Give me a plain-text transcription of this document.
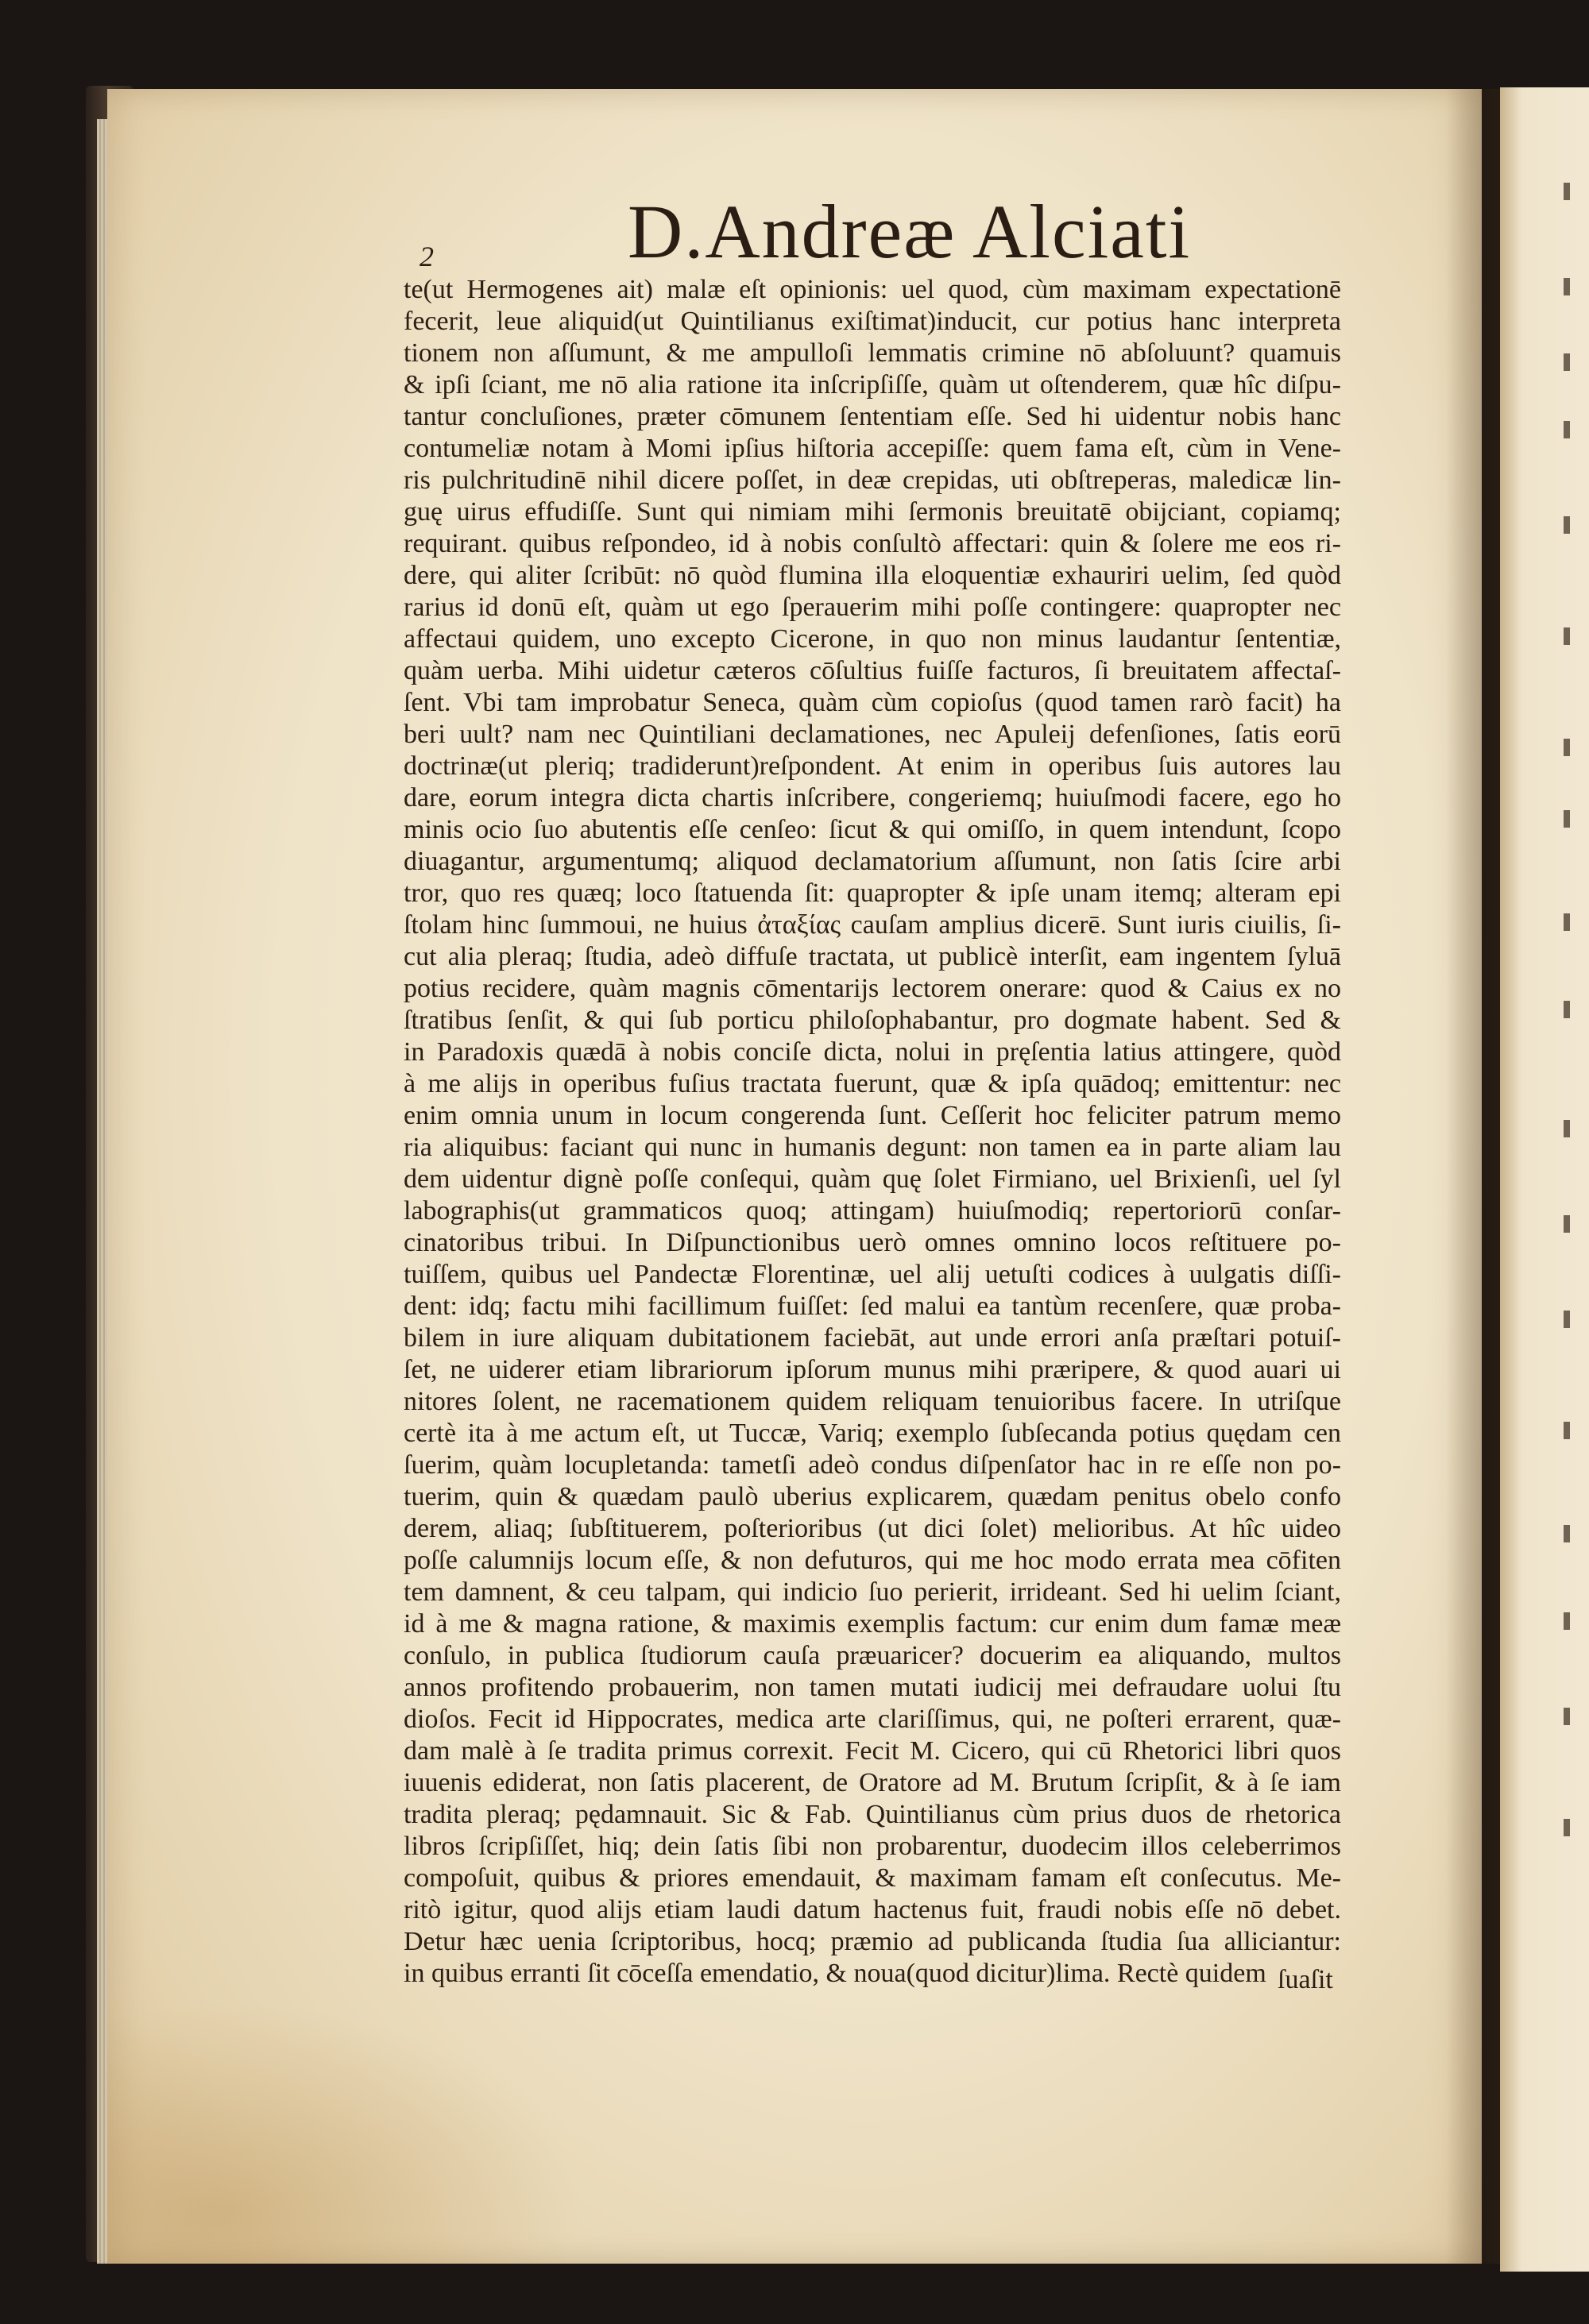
2	D.Andreæ Alciati
te(ut Hermogenes ait) malæ eſt opinionis: uel quod, cùm maximam expectationē
fecerit, leue aliquid(ut Quintilianus exiſtimat)inducit, cur potius hanc interpreta
tionem non aſſumunt, & me ampulloſi lemmatis crimine nō abſoluunt? quamuis
& ipſi ſciant, me nō alia ratione ita inſcripſiſſe, quàm ut oſtenderem, quæ hîc diſpu-
tantur concluſiones, præter cōmunem ſententiam eſſe. Sed hi uidentur nobis hanc
contumeliæ notam à Momi ipſius hiſtoria accepiſſe: quem fama eſt, cùm in Vene-
ris pulchritudinē nihil dicere poſſet, in deæ crepidas, uti obſtreperas, maledicæ lin-
guę uirus effudiſſe. Sunt qui nimiam mihi ſermonis breuitatē obijciant, copiamq;
requirant. quibus reſpondeo, id à nobis conſultò affectari: quin & ſolere me eos ri-
dere, qui aliter ſcribūt: nō quòd flumina illa eloquentiæ exhauriri uelim, ſed quòd
rarius id donū eſt, quàm ut ego ſperauerim mihi poſſe contingere: quapropter nec
affectaui quidem, uno excepto Cicerone, in quo non minus laudantur ſententiæ,
quàm uerba. Mihi uidetur cæteros cōſultius fuiſſe facturos, ſi breuitatem affectaſ-
ſent. Vbi tam improbatur Seneca, quàm cùm copioſus (quod tamen rarò facit) ha
beri uult? nam nec Quintiliani declamationes, nec Apuleij defenſiones, ſatis eorū
doctrinæ(ut pleriq; tradiderunt)reſpondent. At enim in operibus ſuis autores lau
dare, eorum integra dicta chartis inſcribere, congeriemq; huiuſmodi facere, ego ho
minis ocio ſuo abutentis eſſe cenſeo: ſicut & qui omiſſo, in quem intendunt, ſcopo
diuagantur, argumentumq; aliquod declamatorium aſſumunt, non ſatis ſcire arbi
tror, quo res quæq; loco ſtatuenda ſit: quapropter & ipſe unam itemq; alteram epi
ſtolam hinc ſummoui, ne huius ἀταξίας cauſam amplius dicerē. Sunt iuris ciuilis, ſi-
cut alia pleraq; ſtudia, adeò diffuſe tractata, ut publicè interſit, eam ingentem ſyluā
potius recidere, quàm magnis cōmentarijs lectorem onerare: quod & Caius ex no
ſtratibus ſenſit, & qui ſub porticu philoſophabantur, pro dogmate habent. Sed &
in Paradoxis quædā à nobis conciſe dicta, nolui in pręſentia latius attingere, quòd
à me alijs in operibus fuſius tractata fuerunt, quæ & ipſa quādoq; emittentur: nec
enim omnia unum in locum congerenda ſunt. Ceſſerit hoc feliciter patrum memo
ria aliquibus: faciant qui nunc in humanis degunt: non tamen ea in parte aliam lau
dem uidentur dignè poſſe conſequi, quàm quę ſolet Firmiano, uel Brixienſi, uel ſyl
labographis(ut grammaticos quoq; attingam) huiuſmodiq; repertoriorū conſar-
cinatoribus tribui. In Diſpunctionibus uerò omnes omnino locos reſtituere po-
tuiſſem, quibus uel Pandectæ Florentinæ, uel alij uetuſti codices à uulgatis diſſi-
dent: idq; factu mihi facillimum fuiſſet: ſed malui ea tantùm recenſere, quæ proba-
bilem in iure aliquam dubitationem faciebāt, aut unde errori anſa præſtari potuiſ-
ſet, ne uiderer etiam librariorum ipſorum munus mihi præripere, & quod auari ui
nitores ſolent, ne racemationem quidem reliquam tenuioribus facere. In utriſque
certè ita à me actum eſt, ut Tuccæ, Variq; exemplo ſubſecanda potius quędam cen
ſuerim, quàm locupletanda: tametſi adeò condus diſpenſator hac in re eſſe non po-
tuerim, quin & quædam paulò uberius explicarem, quædam penitus obelo confo
derem, aliaq; ſubſtituerem, poſterioribus (ut dici ſolet) melioribus. At hîc uideo
poſſe calumnijs locum eſſe, & non defuturos, qui me hoc modo errata mea cōfiten
tem damnent, & ceu talpam, qui indicio ſuo perierit, irrideant. Sed hi uelim ſciant,
id à me & magna ratione, & maximis exemplis factum: cur enim dum famæ meæ
conſulo, in publica ſtudiorum cauſa præuaricer? docuerim ea aliquando, multos
annos profitendo probauerim, non tamen mutati iudicij mei defraudare uolui ſtu
dioſos. Fecit id Hippocrates, medica arte clariſſimus, qui, ne poſteri errarent, quæ-
dam malè à ſe tradita primus correxit. Fecit M. Cicero, qui cū Rhetorici libri quos
iuuenis ediderat, non ſatis placerent, de Oratore ad M. Brutum ſcripſit, & à ſe iam
tradita pleraq; pędamnauit. Sic & Fab. Quintilianus cùm prius duos de rhetorica
libros ſcripſiſſet, hiq; dein ſatis ſibi non probarentur, duodecim illos celeberrimos
compoſuit, quibus & priores emendauit, & maximam famam eſt conſecutus. Me-
ritò igitur, quod alijs etiam laudi datum hactenus fuit, fraudi nobis eſſe nō debet.
Detur hæc uenia ſcriptoribus, hocq; præmio ad publicanda ſtudia ſua alliciantur:
in quibus erranti ſit cōceſſa emendatio, & noua(quod dicitur)lima. Rectè quidem ſuaſit
